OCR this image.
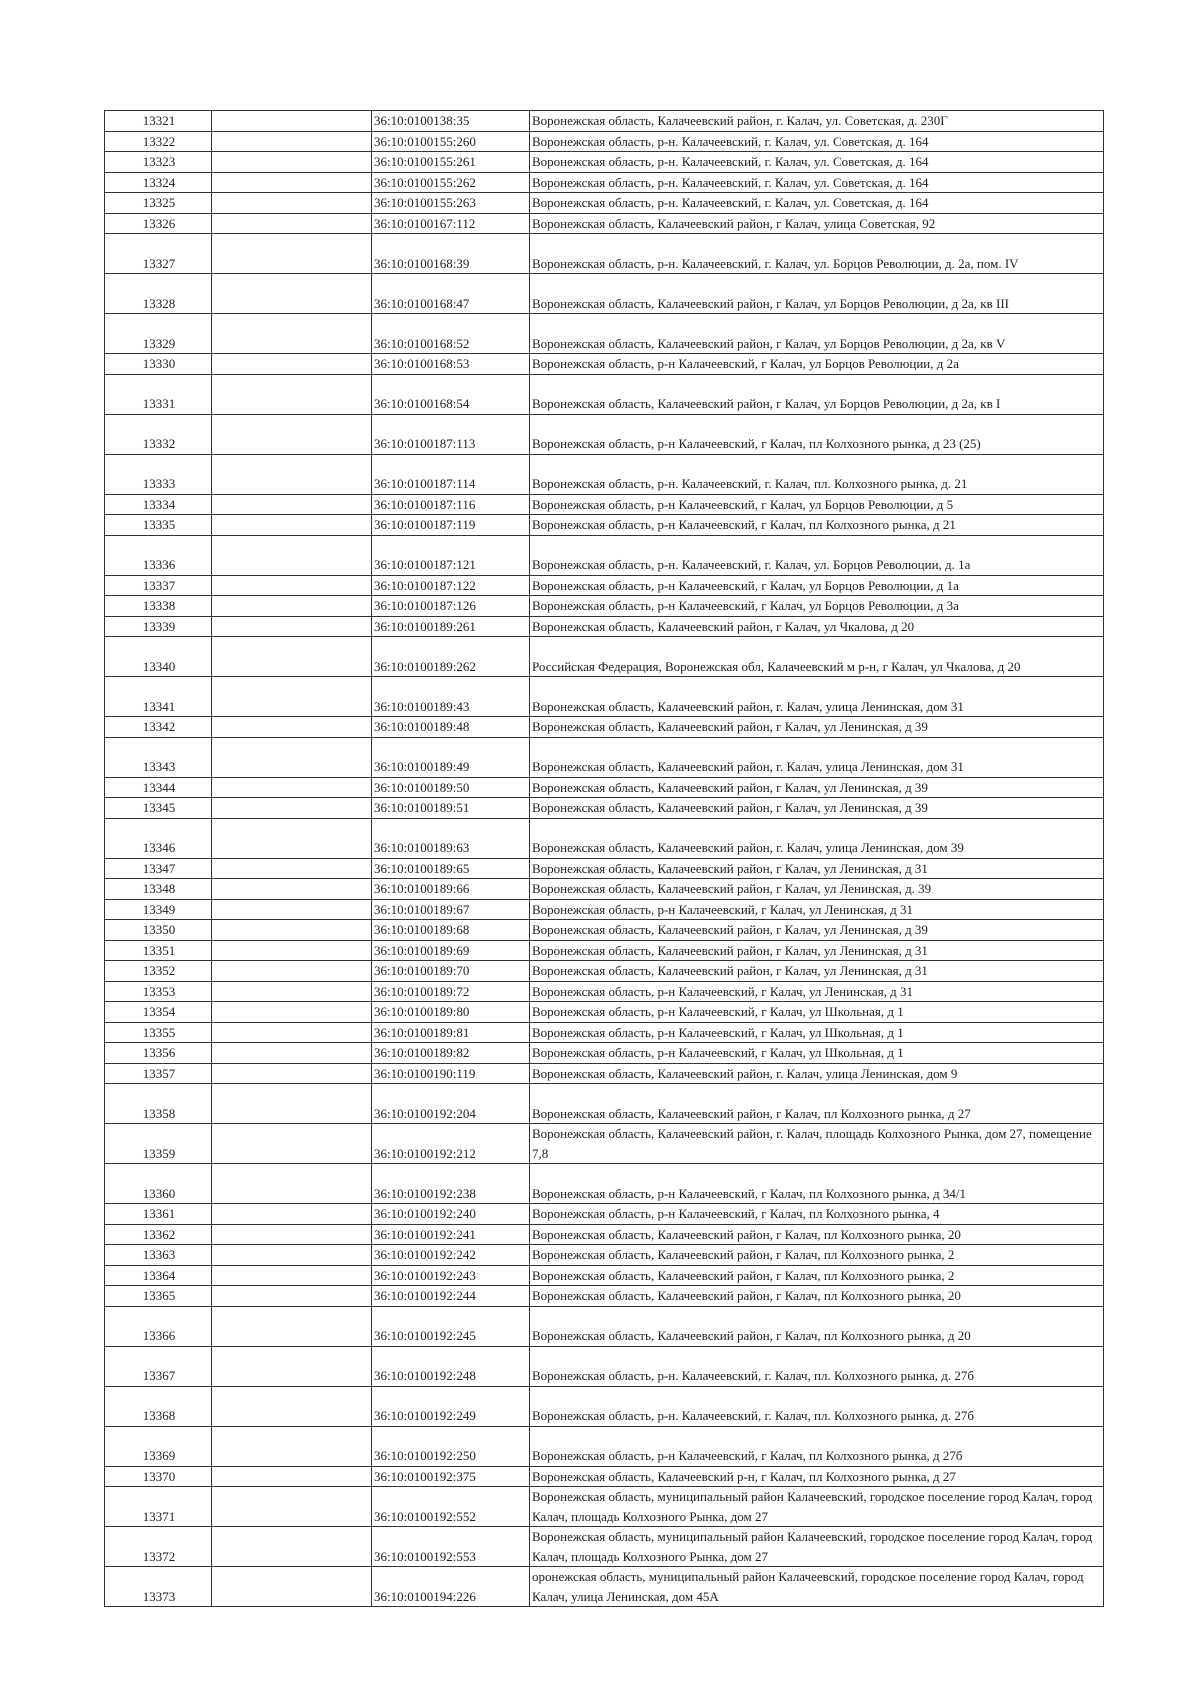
13321		36:10:0100138:35	Воронежская область, Калачеевский район, г. Калач, ул. Советская, д. 230Г
13322		36:10:0100155:260	Воронежская область, р-н. Калачеевский, г. Калач, ул. Советская, д. 164
13323		36:10:0100155:261	Воронежская область, р-н. Калачеевский, г. Калач, ул. Советская, д. 164
13324		36:10:0100155:262	Воронежская область, р-н. Калачеевский, г. Калач, ул. Советская, д. 164
13325		36:10:0100155:263	Воронежская область, р-н. Калачеевский, г. Калач, ул. Советская, д. 164
13326		36:10:0100167:112	Воронежская область, Калачеевский район, г Калач, улица Советская, 92
13327		36:10:0100168:39	Воронежская область, р-н. Калачеевский, г. Калач, ул. Борцов Революции, д. 2а, пом. IV
13328		36:10:0100168:47	Воронежская область, Калачеевский район, г Калач, ул Борцов Революции, д 2а, кв III
13329		36:10:0100168:52	Воронежская область, Калачеевский район, г Калач, ул Борцов Революции, д 2а, кв V
13330		36:10:0100168:53	Воронежская область, р-н Калачеевский, г Калач, ул Борцов Революции, д 2а
13331		36:10:0100168:54	Воронежская область, Калачеевский район, г Калач, ул Борцов Революции, д 2а, кв I
13332		36:10:0100187:113	Воронежская область, р-н Калачеевский, г Калач, пл Колхозного рынка, д 23 (25)
13333		36:10:0100187:114	Воронежская область, р-н. Калачеевский, г. Калач, пл. Колхозного рынка, д. 21
13334		36:10:0100187:116	Воронежская область, р-н Калачеевский, г Калач, ул Борцов Революции, д 5
13335		36:10:0100187:119	Воронежская область, р-н Калачеевский, г Калач, пл Колхозного рынка, д 21
13336		36:10:0100187:121	Воронежская область, р-н. Калачеевский, г. Калач, ул. Борцов Революции, д. 1а
13337		36:10:0100187:122	Воронежская область, р-н Калачеевский, г Калач, ул Борцов Революции, д 1а
13338		36:10:0100187:126	Воронежская область, р-н Калачеевский, г Калач, ул Борцов Революции, д 3а
13339		36:10:0100189:261	Воронежская область, Калачеевский район, г Калач, ул Чкалова, д 20
13340		36:10:0100189:262	Российская Федерация, Воронежская обл, Калачеевский м р-н, г Калач, ул Чкалова, д 20
13341		36:10:0100189:43	Воронежская область, Калачеевский район, г. Калач, улица Ленинская, дом 31
13342		36:10:0100189:48	Воронежская область, Калачеевский район, г Калач, ул Ленинская, д 39
13343		36:10:0100189:49	Воронежская область, Калачеевский район, г. Калач, улица Ленинская, дом 31
13344		36:10:0100189:50	Воронежская область, Калачеевский район, г Калач, ул Ленинская, д 39
13345		36:10:0100189:51	Воронежская область, Калачеевский район, г Калач, ул Ленинская, д 39
13346		36:10:0100189:63	Воронежская область, Калачеевский район, г. Калач, улица Ленинская, дом 39
13347		36:10:0100189:65	Воронежская область, Калачеевский район, г Калач, ул Ленинская, д 31
13348		36:10:0100189:66	Воронежская область, Калачеевский район, г Калач, ул Ленинская, д. 39
13349		36:10:0100189:67	Воронежская область, р-н Калачеевский, г Калач, ул Ленинская, д 31
13350		36:10:0100189:68	Воронежская область, Калачеевский район, г Калач, ул Ленинская, д 39
13351		36:10:0100189:69	Воронежская область, Калачеевский район, г Калач, ул Ленинская, д 31
13352		36:10:0100189:70	Воронежская область, Калачеевский район, г Калач, ул Ленинская, д 31
13353		36:10:0100189:72	Воронежская область, р-н Калачеевский, г Калач, ул Ленинская, д 31
13354		36:10:0100189:80	Воронежская область, р-н Калачеевский, г Калач, ул Школьная, д 1
13355		36:10:0100189:81	Воронежская область, р-н Калачеевский, г Калач, ул Школьная, д 1
13356		36:10:0100189:82	Воронежская область, р-н Калачеевский, г Калач, ул Школьная, д 1
13357		36:10:0100190:119	Воронежская область, Калачеевский район, г. Калач, улица Ленинская, дом 9
13358		36:10:0100192:204	Воронежская область, Калачеевский район, г Калач, пл Колхозного рынка, д 27
13359		36:10:0100192:212	Воронежская область, Калачеевский район, г. Калач, площадь Колхозного Рынка, дом 27, помещение 7,8
13360		36:10:0100192:238	Воронежская область, р-н Калачеевский, г Калач, пл Колхозного рынка, д 34/1
13361		36:10:0100192:240	Воронежская область, р-н Калачеевский, г Калач, пл Колхозного рынка, 4
13362		36:10:0100192:241	Воронежская область, Калачеевский район, г Калач, пл Колхозного рынка, 20
13363		36:10:0100192:242	Воронежская область, Калачеевский район, г Калач, пл Колхозного рынка, 2
13364		36:10:0100192:243	Воронежская область, Калачеевский район, г Калач, пл Колхозного рынка, 2
13365		36:10:0100192:244	Воронежская область, Калачеевский район, г Калач, пл Колхозного рынка, 20
13366		36:10:0100192:245	Воронежская область, Калачеевский район, г Калач, пл Колхозного рынка, д 20
13367		36:10:0100192:248	Воронежская область, р-н. Калачеевский, г. Калач, пл. Колхозного рынка, д. 27б
13368		36:10:0100192:249	Воронежская область, р-н. Калачеевский, г. Калач, пл. Колхозного рынка, д. 27б
13369		36:10:0100192:250	Воронежская область, р-н Калачеевский, г Калач, пл Колхозного рынка, д 27б
13370		36:10:0100192:375	Воронежская область, Калачеевский р-н, г Калач, пл Колхозного рынка, д 27
13371		36:10:0100192:552	Воронежская область, муниципальный район Калачеевский, городское поселение город Калач, город Калач, площадь Колхозного Рынка, дом 27
13372		36:10:0100192:553	Воронежская область, муниципальный район Калачеевский, городское поселение город Калач, город Калач, площадь Колхозного Рынка, дом 27
13373		36:10:0100194:226	оронежская область, муниципальный район Калачеевский, городское поселение город Калач, город Калач, улица Ленинская, дом 45А
